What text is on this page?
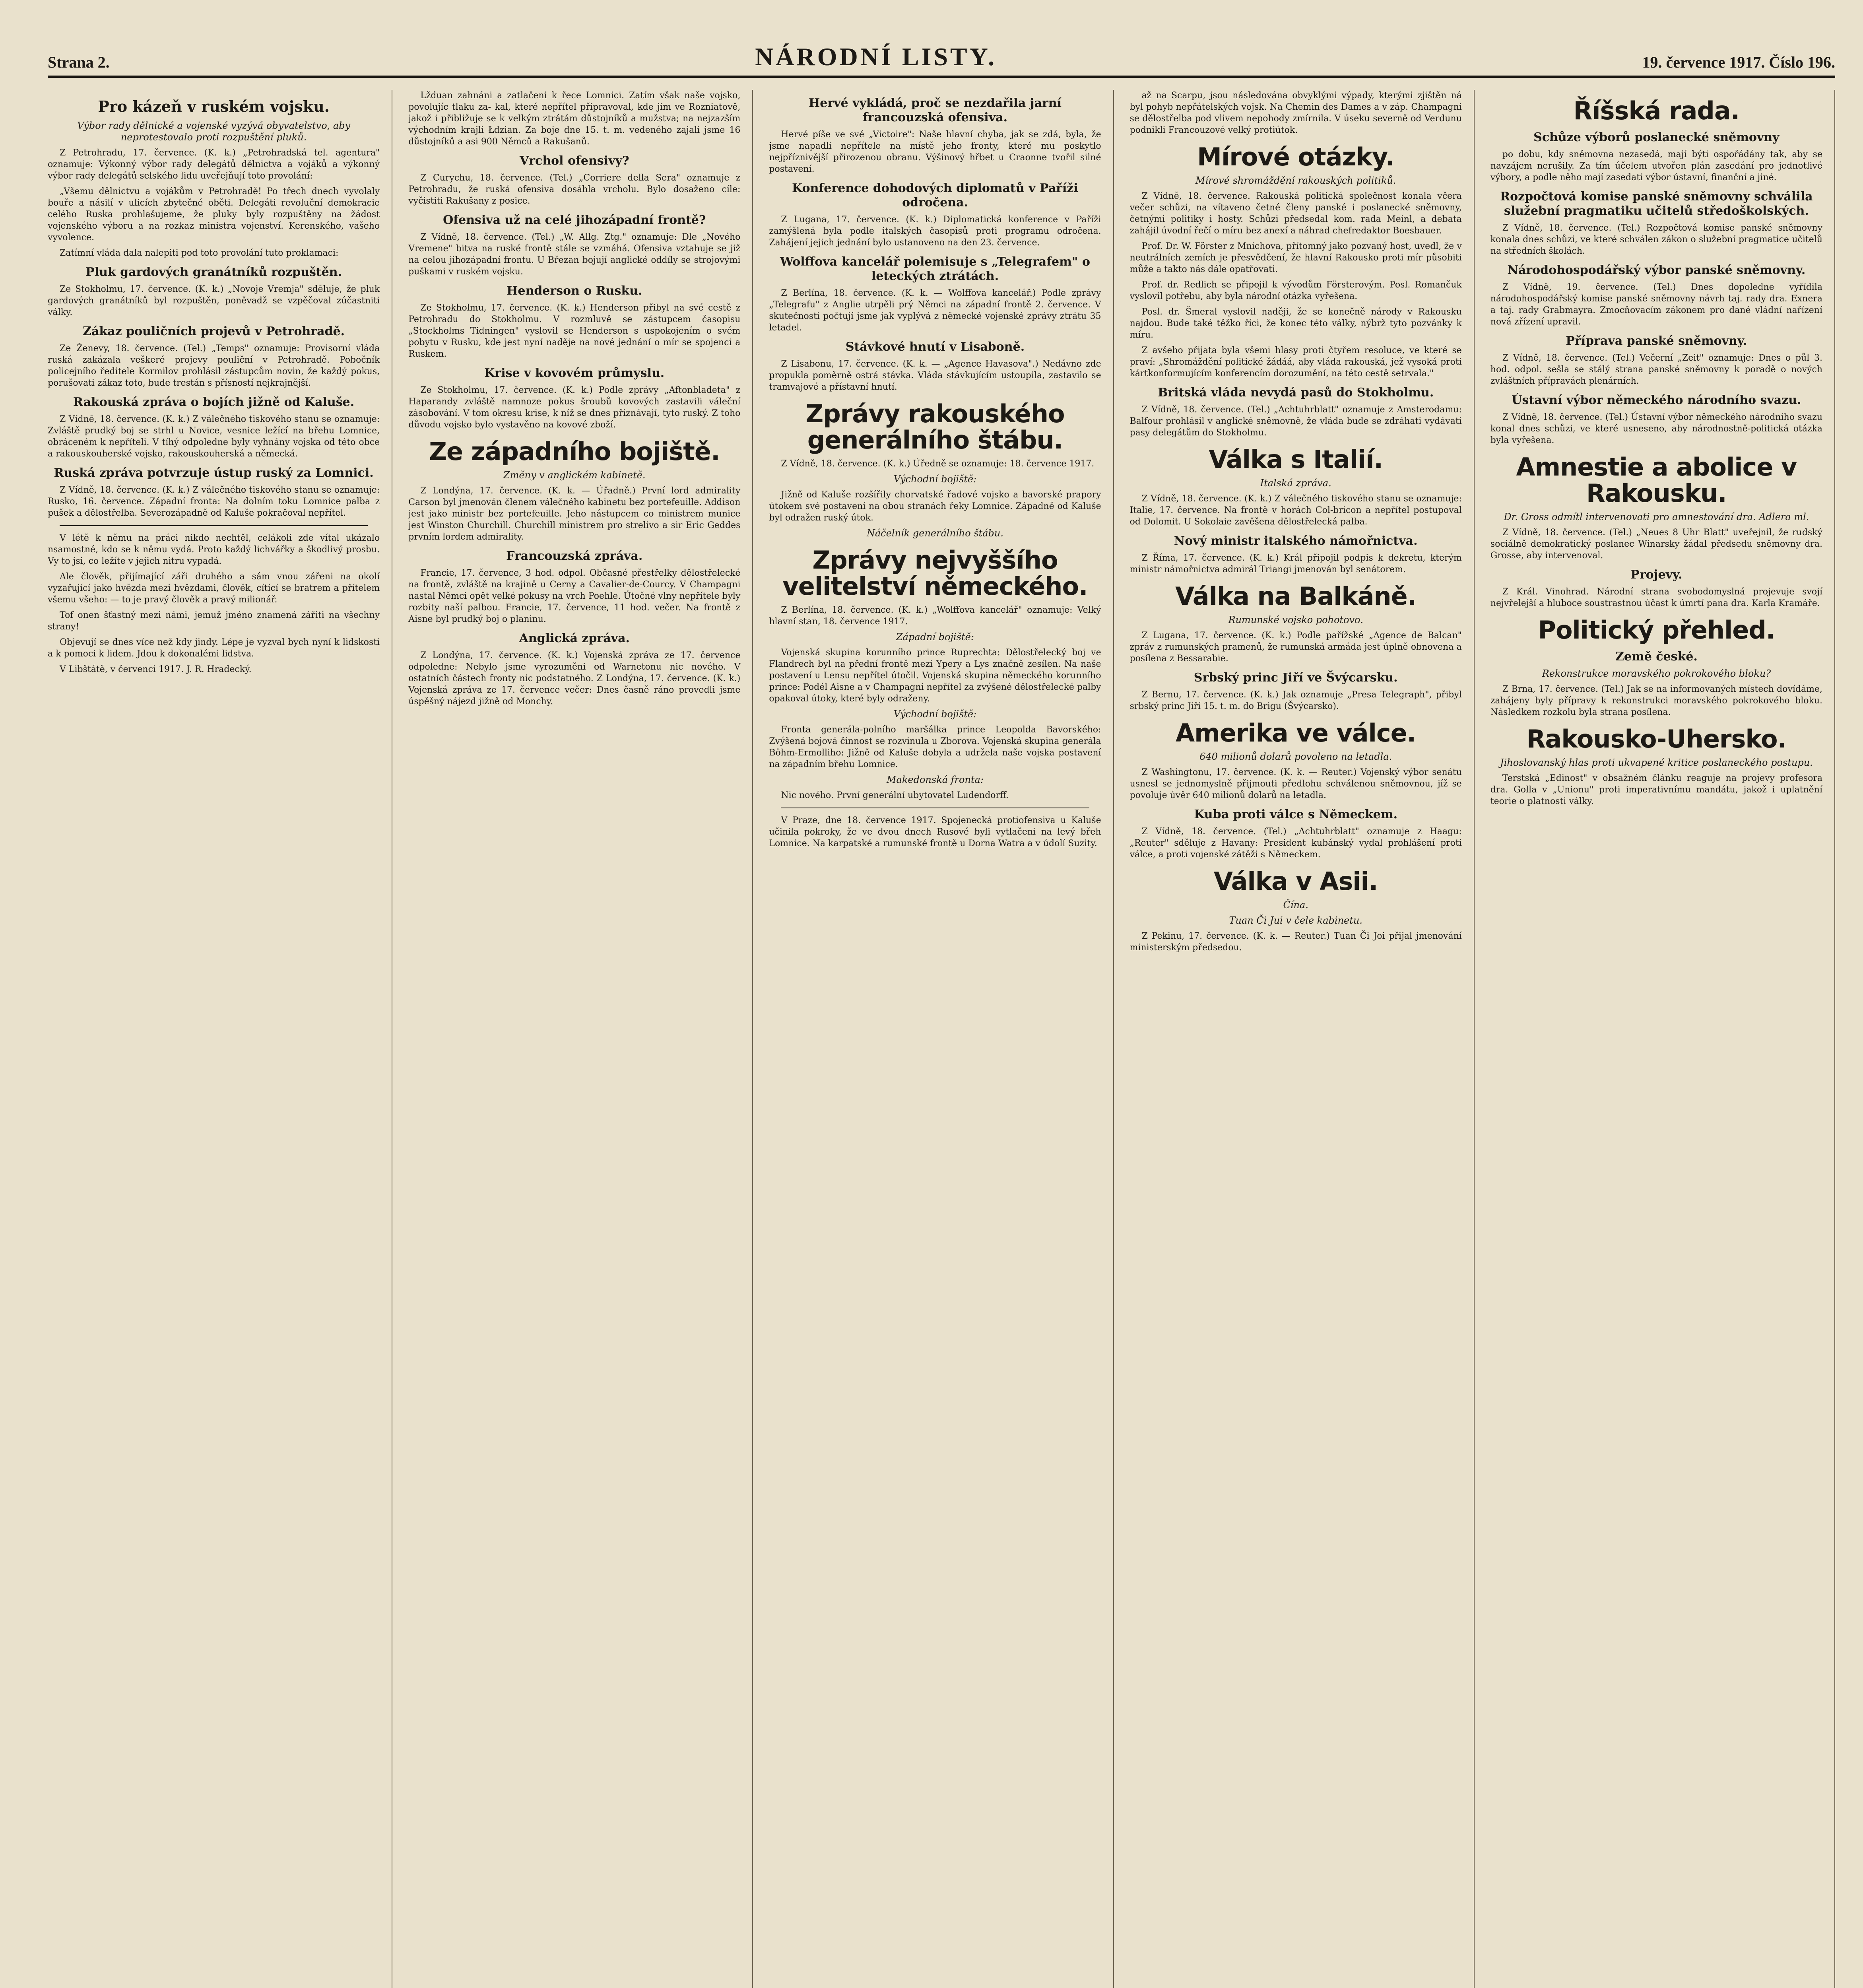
Strana 2.	NÁRODNÍ LISTY.	19. července 1917. Číslo 196.
Pro kázeň v ruském vojsku.
Výbor rady dělnické a vojenské vyzývá obyvatelstvo, aby neprotestovalo proti rozpuštění pluků.

Z Petrohradu, 17. července. (K. k.) „Petrohradská tel. agentura" oznamuje: Výkonný výbor rady delegátů dělnictva a vojáků a výkonný výbor rady delegátů selského lidu uveřejňují toto provolání:

„Všemu dělnictvu a vojákům v Petrohradě! Po třech dnech vyvolaly bouře a násilí v ulicích zbytečné oběti. Delegáti revoluční demokracie celého Ruska prohlašujeme, že pluky byly rozpuštěny na žádost vojenského výboru a na rozkaz ministra vojenství. Kerenského, vašeho vyvolence.

Zatímní vláda dala nalepiti pod toto provolání tuto proklamaci:

Pluk gardových granátníků rozpuštěn.

Ze Stokholmu, 17. července. (K. k.) „Novoje Vremja" sděluje, že pluk gardových granátníků byl rozpuštěn, poněvadž se vzpěčoval zúčastniti války.

Zákaz pouličních projevů v Petrohradě.

Ze Ženevy, 18. července. (Tel.) „Temps" oznamuje: Provisorní vláda ruská zakázala veškeré projevy pouliční v Petrohradě. Pobočník policejního ředitele Kormilov prohlásil zástupcům novin, že každý pokus, porušovati zákaz toto, bude trestán s přísností nejkrajnější.

Rakouská zpráva o bojích jižně od Kaluše.

Z Vídně, 18. července. (K. k.) Z válečného tiskového stanu se oznamuje: Zvláště prudký boj se strhl u Novice, vesnice ležící na břehu Lomnice, obráceném k nepříteli. V tíhý odpoledne byly vyhnány vojska od této obce a rakouskouherské vojsko, rakouskouherská a německá.

Ruská zpráva potvrzuje ústup ruský za Lomnici.

Z Vídně, 18. července. (K. k.) Z válečného tiskového stanu se oznamuje: Rusko, 16. července. Západní fronta: Na dolním toku Lomnice palba z pušek a dělostřelba. Severozápadně od Kaluše pokračoval nepřítel.

V létě k němu na práci nikdo nechtěl, celákoli zde vítal ukázalo nsamostné, kdo se k němu vydá. Proto každý lichvářky a škodlivý prosbu. Vy to jsi, co ležíte v jejich nitru vypadá.

Ale člověk, přijímající záři druhého a sám vnou zářeni na okolí vyzařující jako hvězda mezi hvězdami, člověk, cítící se bratrem a přítelem všemu všeho: — to je pravý člověk a pravý milionář.

Tof onen šťastný mezi námi, jemuž jméno znamená zářiti na všechny strany!

Objevují se dnes více než kdy jindy. Lépe je vyzval bych nyní k lidskosti a k pomoci k lidem. Jdou k dokonalémi lidstva.

V Libštátě, v červenci 1917. J. R. Hradecký.

Lžduan zahnáni a zatlačeni k řece Lomnici. Zatím však naše vojsko, povolujíc tlaku za- kal, které nepřítel připravoval, kde jim ve Rozniatově, jakož i přibližuje se k velkým ztrátám důstojníků a mužstva; na nejzazším východním krajli Łdzian. Za boje dne 15. t. m. vedeného zajali jsme 16 důstojníků a asi 900 Němců a Rakušanů.

Vrchol ofensivy?

Z Curychu, 18. července. (Tel.) „Corriere della Sera" oznamuje z Petrohradu, že ruská ofensiva dosáhla vrcholu. Bylo dosaženo cíle: vyčistiti Rakušany z posice.

Ofensiva už na celé jihozápadní frontě?

Z Vídně, 18. července. (Tel.) „W. Allg. Ztg." oznamuje: Dle „Nového Vremene" bitva na ruské frontě stále se vzmáhá. Ofensiva vztahuje se již na celou jihozápadní frontu. U Březan bojují anglické oddíly se strojovými puškami v ruském vojsku.

Henderson o Rusku.

Ze Stokholmu, 17. července. (K. k.) Henderson přibyl na své cestě z Petrohradu do Stokholmu. V rozmluvě se zástupcem časopisu „Stockholms Tidningen" vyslovil se Henderson s uspokojením o svém pobytu v Rusku, kde jest nyní naděje na nové jednání o mír se spojenci a Ruskem.

Krise v kovovém průmyslu.

Ze Stokholmu, 17. července. (K. k.) Podle zprávy „Aftonbladeta" z Haparandy zvláště namnoze pokus šroubů kovových zastavili váleční zásobování. V tom okresu krise, k níž se dnes přiznávají, tyto ruský. Z toho důvodu vojsko bylo vystavěno na kovové zboží.

Ze západního bojiště.
Změny v anglickém kabinetě.

Z Londýna, 17. července. (K. k. — Úřadně.) První lord admirality Carson byl jmenován členem válečného kabinetu bez portefeuille. Addison jest jako ministr bez portefeuille. Jeho nástupcem co ministrem munice jest Winston Churchill. Churchill ministrem pro strelivo a sir Eric Geddes prvním lordem admirality.

Francouzská zpráva.

Francie, 17. července, 3 hod. odpol. Občasné přestřelky dělostřelecké na frontě, zvláště na krajině u Cerny a Cavalier-de-Courcy. V Champagni nastal Němci opět velké pokusy na vrch Poehle. Útočné vlny nepřítele byly rozbity naší palbou. Francie, 17. července, 11 hod. večer. Na frontě z Aisne byl prudký boj o planinu.

Anglická zpráva.

Z Londýna, 17. července. (K. k.) Vojenská zpráva ze 17. července odpoledne: Nebylo jsme vyrozuměni od Warnetonu nic nového. V ostatních částech fronty nic podstatného. Z Londýna, 17. července. (K. k.) Vojenská zpráva ze 17. července večer: Dnes časně ráno provedli jsme úspěšný nájezd jižně od Monchy.

Hervé vykládá, proč se nezdařila jarní francouzská ofensiva.

Hervé píše ve své „Victoire": Naše hlavní chyba, jak se zdá, byla, že jsme napadli nepřítele na místě jeho fronty, které mu poskytlo nejpříznivější přirozenou obranu. Výšinový hřbet u Craonne tvořil silné postavení.

Konference dohodových diplomatů v Paříži odročena.

Z Lugana, 17. července. (K. k.) Diplomatická konference v Paříži zamýšlená byla podle italských časopisů proti programu odročena. Zahájení jejich jednání bylo ustanoveno na den 23. července.

Wolffova kancelář polemisuje s „Telegrafem" o leteckých ztrátách.

Z Berlína, 18. července. (K. k. — Wolffova kancelář.) Podle zprávy „Telegrafu" z Anglie utrpěli prý Němci na západní frontě 2. července. V skutečnosti počtují jsme jak vyplývá z německé vojenské zprávy ztrátu 35 letadel.

Stávkové hnutí v Lisaboně.

Z Lisabonu, 17. července. (K. k. — „Agence Havasova".) Nedávno zde propukla poměrně ostrá stávka. Vláda stávkujícím ustoupila, zastavilo se tramvajové a přístavní hnutí.

Zprávy rakouského generálního štábu.

Z Vídně, 18. července. (K. k.) Úředně se oznamuje: 18. července 1917.

Východní bojiště:

Jižně od Kaluše rozšířily chorvatské řadové vojsko a bavorské prapory útokem své postavení na obou stranách řeky Lomnice. Západně od Kaluše byl odražen ruský útok.

Náčelník generálního štábu.
Zprávy nejvyššího velitelství německého.

Z Berlína, 18. července. (K. k.) „Wolffova kancelář" oznamuje: Velký hlavní stan, 18. července 1917.

Západní bojiště:

Vojenská skupina korunního prince Ruprechta: Dělostřelecký boj ve Flandrech byl na přední frontě mezi Ypery a Lys značně zesílen. Na naše postavení u Lensu nepřítel útočil. Vojenská skupina německého korunního prince: Podél Aisne a v Champagni nepřítel za zvýšené dělostřelecké palby opakoval útoky, které byly odraženy.

Východní bojiště:

Fronta generála-polního maršálka prince Leopolda Bavorského: Zvýšená bojová činnost se rozvinula u Zborova. Vojenská skupina generála Böhm-Ermolliho: Jižně od Kaluše dobyla a udržela naše vojska postavení na západním břehu Lomnice.

Makedonská fronta:

Nic nového. První generální ubytovatel Ludendorff.

V Praze, dne 18. července 1917. Spojenecká protiofensiva u Kaluše učinila pokroky, že ve dvou dnech Rusové byli vytlačeni na levý břeh Lomnice. Na karpatské a rumunské frontě u Dorna Watra a v údolí Suzity.

až na Scarpu, jsou následována obvyklými výpady, kterými zjištěn ná byl pohyb nepřátelských vojsk. Na Chemin des Dames a v záp. Champagni se dělostřelba pod vlivem nepohody zmírnila. V úseku severně od Verdunu podnikli Francouzové velký protiútok.

Mírové otázky.
Mírové shromáždění rakouských politiků.

Z Vídně, 18. července. Rakouská politická společnost konala včera večer schůzi, na vítaveno četné členy panské i poslanecké sněmovny, četnými politiky i hosty. Schůzi předsedal kom. rada Meinl, a debata zahájil úvodní řečí o míru bez anexí a náhrad chefredaktor Boesbauer.

Prof. Dr. W. Förster z Mnichova, přítomný jako pozvaný host, uvedl, že v neutrálních zemích je přesvědčení, že hlavní Rakousko proti mír působiti může a takto nás dále opatřovati.

Prof. dr. Redlich se připojil k vývodům Försterovým. Posl. Romančuk vyslovil potřebu, aby byla národní otázka vyřešena.

Posl. dr. Šmeral vyslovil naději, že se konečně národy v Rakousku najdou. Bude také těžko říci, že konec této války, nýbrž tyto pozvánky k míru.

Z avšeho přijata byla všemi hlasy proti čtyřem resoluce, ve které se praví: „Shromáždění politické žádáá, aby vláda rakouská, jež vysoká proti kártkonformujícím konferencím dorozumění, na této cestě setrvala."

Britská vláda nevydá pasů do Stokholmu.

Z Vídně, 18. července. (Tel.) „Achtuhrblatt" oznamuje z Amsterodamu: Balfour prohlásil v anglické sněmovně, že vláda bude se zdráhati vydávati pasy delegátům do Stokholmu.

Válka s Italií.
Italská zpráva.

Z Vídně, 18. července. (K. k.) Z válečného tiskového stanu se oznamuje: Italie, 17. července. Na frontě v horách Col-bricon a nepřítel postupoval od Dolomit. U Sokolaie zavěšena dělostřelecká palba.

Nový ministr italského námořnictva.

Z Říma, 17. července. (K. k.) Král připojil podpis k dekretu, kterým ministr námořnictva admirál Triangi jmenován byl senátorem.

Válka na Balkáně.
Rumunské vojsko pohotovo.

Z Lugana, 17. července. (K. k.) Podle pařížské „Agence de Balcan" zpráv z rumunských pramenů, že rumunská armáda jest úplně obnovena a posílena z Bessarabie.

Srbský princ Jiří ve Švýcarsku.

Z Bernu, 17. července. (K. k.) Jak oznamuje „Presa Telegraph", přibyl srbský princ Jiří 15. t. m. do Brigu (Švýcarsko).

Amerika ve válce.
640 milionů dolarů povoleno na letadla.

Z Washingtonu, 17. července. (K. k. — Reuter.) Vojenský výbor senátu usnesl se jednomyslně přijmouti předlohu schválenou sněmovnou, jíž se povoluje úvěr 640 milionů dolarů na letadla.

Kuba proti válce s Německem.

Z Vídně, 18. července. (Tel.) „Achtuhrblatt" oznamuje z Haagu: „Reuter" sděluje z Havany: President kubánský vydal prohlášení proti válce, a proti vojenské zátěži s Německem.

Válka v Asii.
Čína.
Tuan Či Jui v čele kabinetu.

Z Pekinu, 17. července. (K. k. — Reuter.) Tuan Či Joi přijal jmenování ministerským předsedou.

Říšská rada.
Schůze výborů poslanecké sněmovny

po dobu, kdy sněmovna nezasedá, mají býti ospořádány tak, aby se navzájem nerušily. Za tím účelem utvořen plán zasedání pro jednotlivé výbory, a podle něho mají zasedati výbor ústavní, finanční a jiné.

Rozpočtová komise panské sněmovny schválila služební pragmatiku učitelů středoškolských.

Z Vídně, 18. července. (Tel.) Rozpočtová komise panské sněmovny konala dnes schůzi, ve které schválen zákon o služební pragmatice učitelů na středních školách.

Národohospodářský výbor panské sněmovny.

Z Vídně, 19. července. (Tel.) Dnes dopoledne vyřídila národohospodářský komise panské sněmovny návrh taj. rady dra. Exnera a taj. rady Grabmayra. Zmocňovacím zákonem pro dané vládní nařízení nová zřízení upravil.

Příprava panské sněmovny.

Z Vídně, 18. července. (Tel.) Večerní „Zeit" oznamuje: Dnes o půl 3. hod. odpol. sešla se stálý strana panské sněmovny k poradě o nových zvláštních přípravách plenárních.

Ústavní výbor německého národního svazu.

Z Vídně, 18. července. (Tel.) Ústavní výbor německého národního svazu konal dnes schůzi, ve které usneseno, aby národnostně-politická otázka byla vyřešena.

Amnestie a abolice v Rakousku.
Dr. Gross odmítl intervenovati pro amnestování dra. Adlera ml.

Z Vídně, 18. července. (Tel.) „Neues 8 Uhr Blatt" uveřejnil, že rudský sociálně demokratický poslanec Winarsky žádal předsedu sněmovny dra. Grosse, aby intervenoval.

Projevy.

Z Král. Vinohrad. Národní strana svobodomyslná projevuje svojí nejvřelejší a hluboce soustrastnou účast k úmrtí pana dra. Karla Kramáře.

Politický přehled.
Země české.
Rekonstrukce moravského pokrokového bloku?

Z Brna, 17. července. (Tel.) Jak se na informovaných místech dovídáme, zahájeny byly přípravy k rekonstrukci moravského pokrokového bloku. Následkem rozkolu byla strana posílena.

Rakousko-Uhersko.
Jihoslovanský hlas proti ukvapené kritice poslaneckého postupu.

Terstská „Edinost" v obsažném článku reaguje na projevy profesora dra. Golla v „Unionu" proti imperativnímu mandátu, jakož i uplatnění teorie o platnosti války.
